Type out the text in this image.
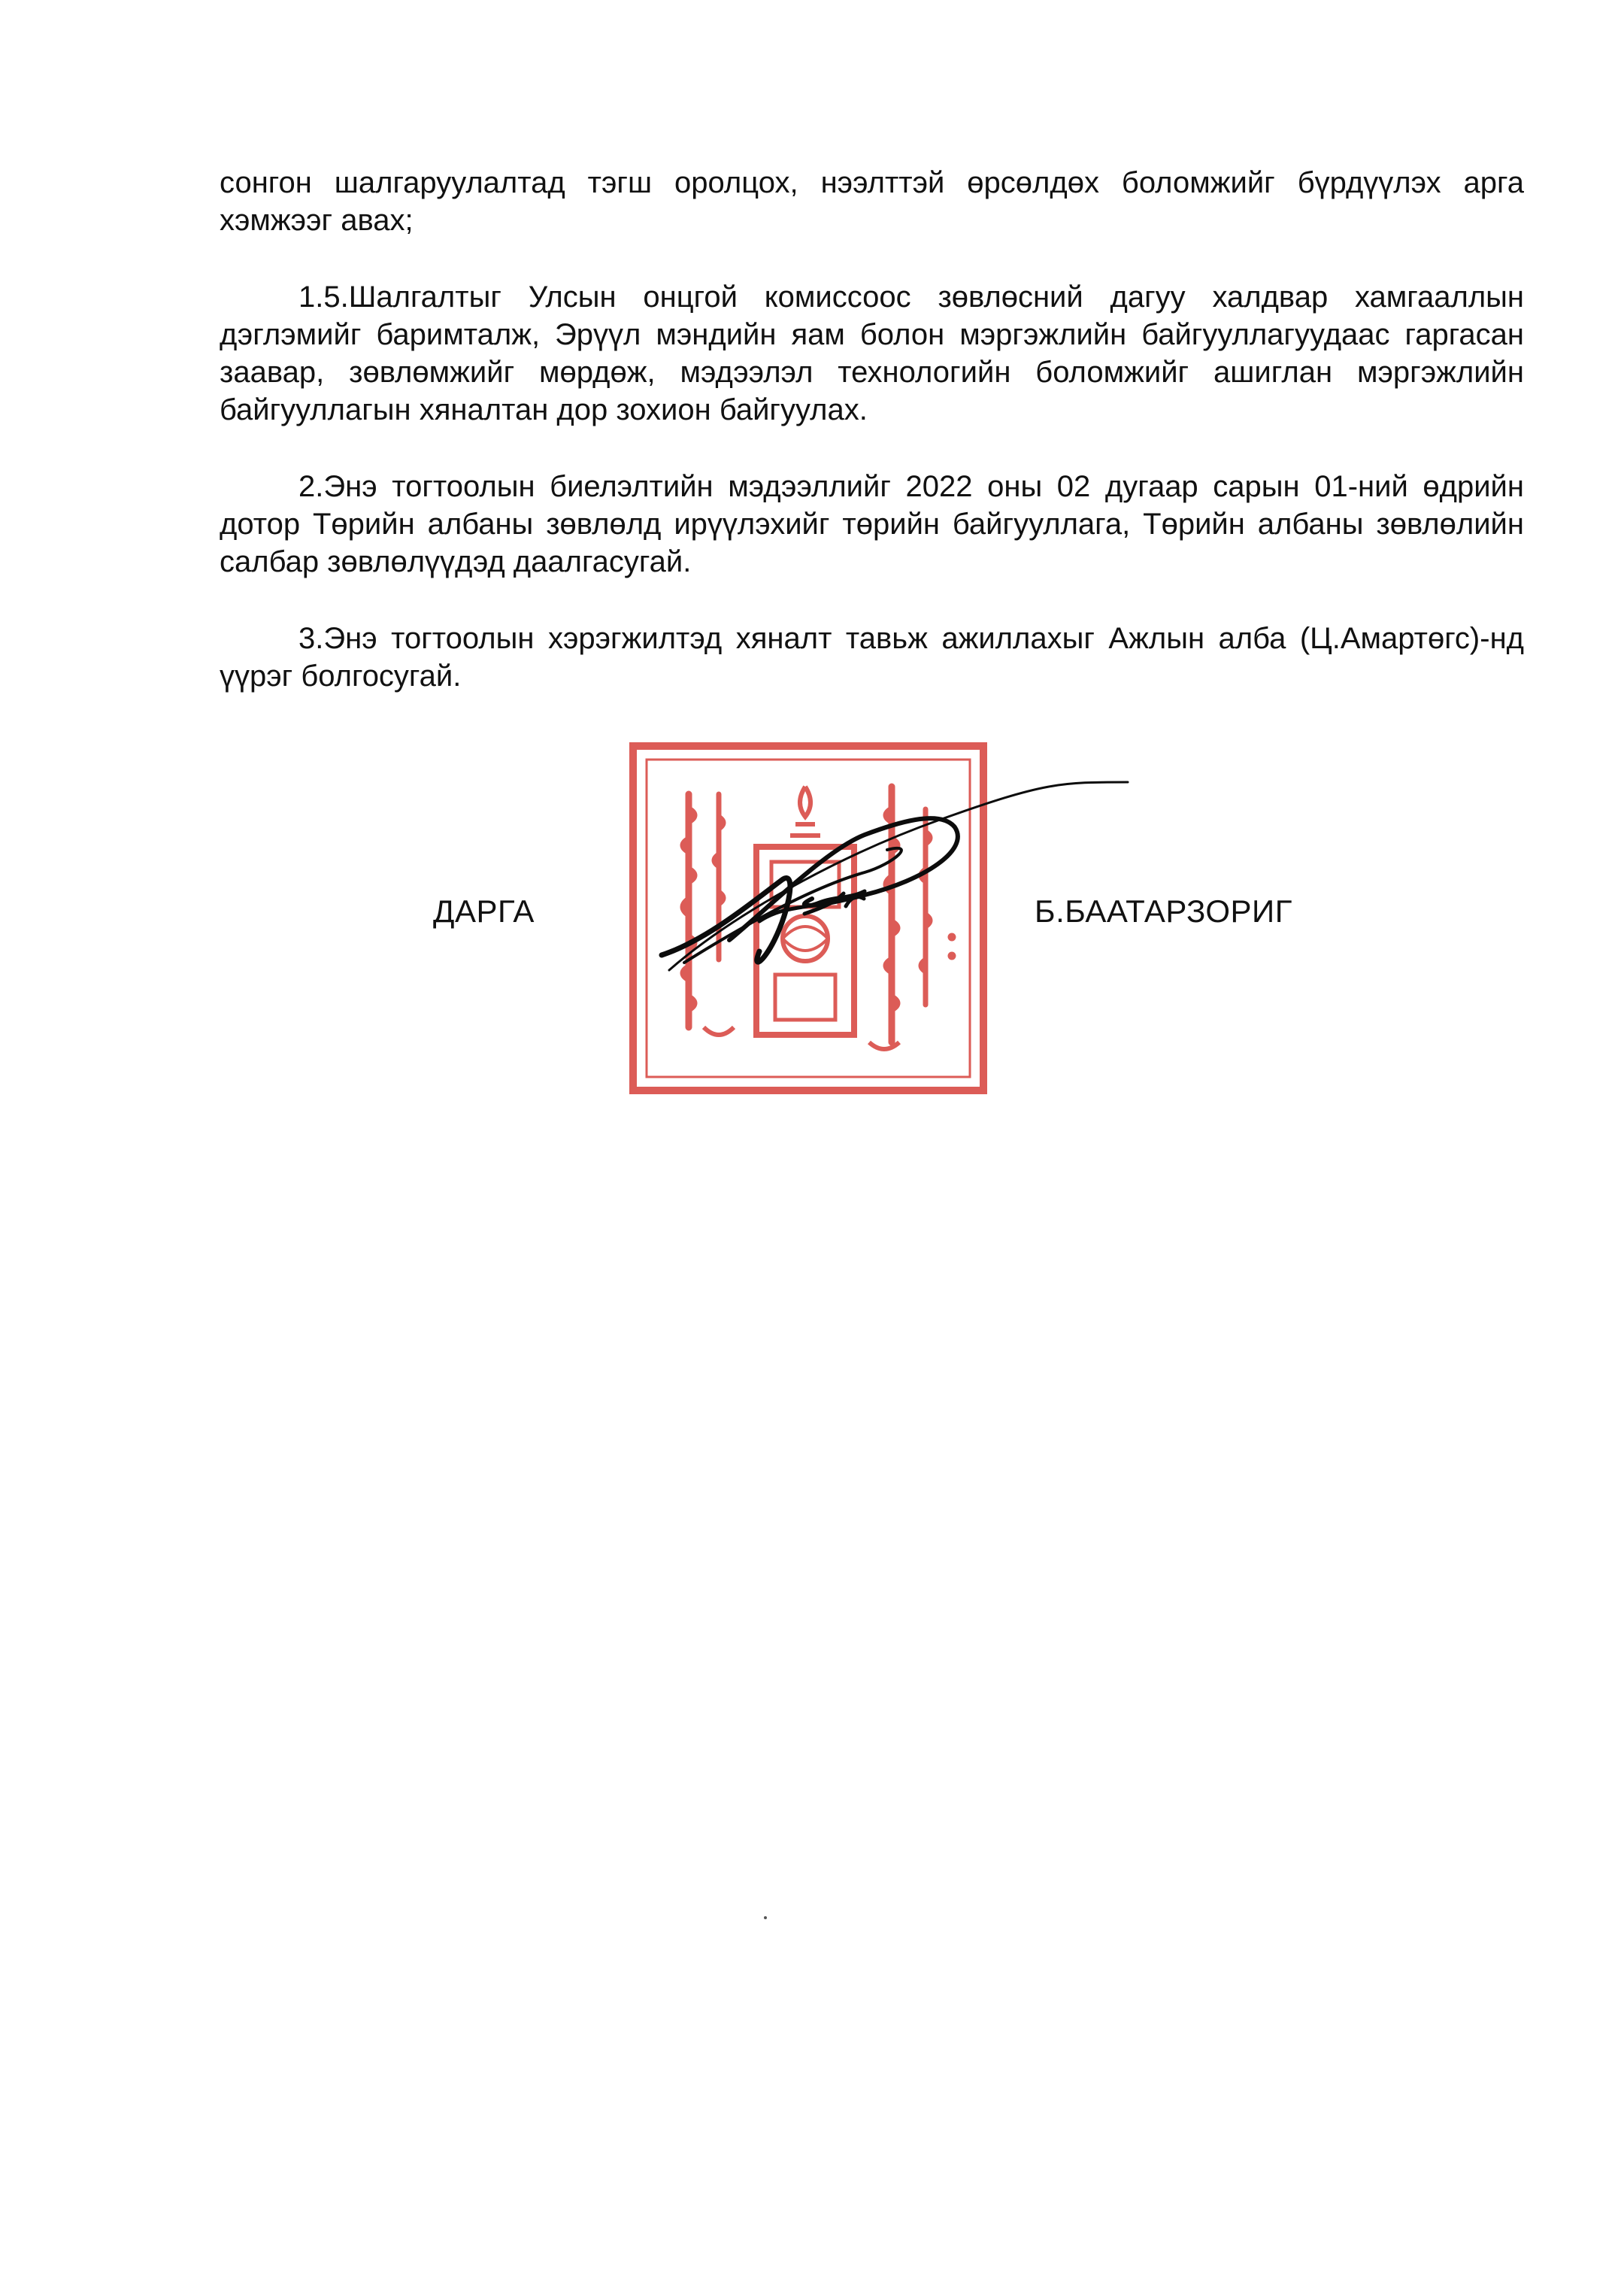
сонгон шалгаруулалтад тэгш оролцох, нээлттэй өрсөлдөх боломжийг бүрдүүлэх арга хэмжээг авах;

1.5.Шалгалтыг Улсын онцгой комиссоос зөвлөсний дагуу халдвар хамгааллын дэглэмийг баримталж, Эрүүл мэндийн яам болон мэргэжлийн байгууллагуудаас гаргасан заавар, зөвлөмжийг мөрдөж, мэдээлэл технологийн боломжийг ашиглан мэргэжлийн байгууллагын хяналтан дор зохион байгуулах.

2.Энэ тогтоолын биелэлтийн мэдээллийг 2022 оны 02 дугаар сарын 01-ний өдрийн дотор Төрийн албаны зөвлөлд ирүүлэхийг төрийн байгууллага, Төрийн албаны зөвлөлийн салбар зөвлөлүүдэд даалгасугай.

3.Энэ тогтоолын хэрэгжилтэд хяналт тавьж ажиллахыг Ажлын алба (Ц.Амартөгс)-нд үүрэг болгосугай.

ДАРГА	Б.БААТАРЗОРИГ
